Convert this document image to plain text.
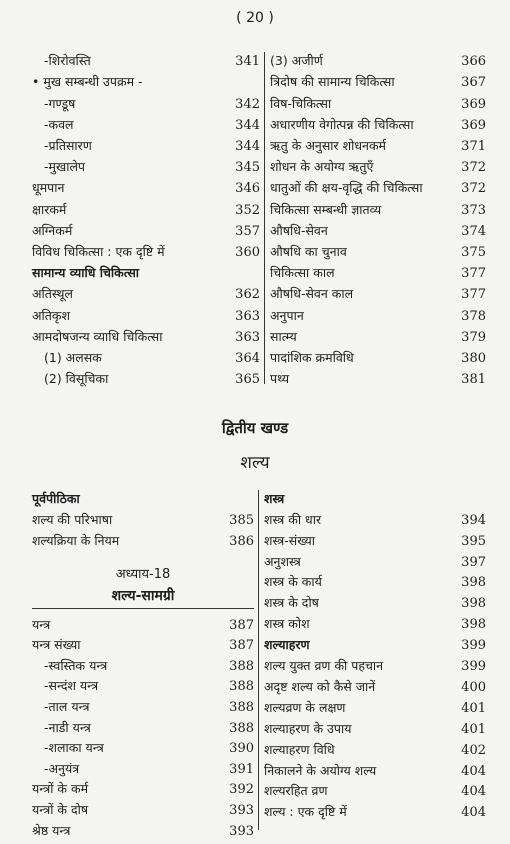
( 20 )
-शिरोवस्ति	341
• मुख सम्बन्धी उपक्रम -
-गण्डूष	342
-कवल	344
-प्रतिसारण	344
-मुखालेप	345
धूमपान	346
क्षारकर्म	352
अग्निकर्म	357
विविध चिकित्सा : एक दृष्टि में	360
सामान्य व्याधि चिकित्सा
अतिस्थूल	362
अतिकृश	363
आमदोषजन्य व्याधि चिकित्सा	363
(1) अलसक	364
(2) विसूचिका	365
(3) अजीर्ण	366
त्रिदोष की सामान्य चिकित्सा	367
विष-चिकित्सा	369
अधारणीय वेगोत्पन्न की चिकित्सा	369
ऋतु के अनुसार शोधनकर्म	371
शोधन के अयोग्य ऋतुएँ	372
धातुओं की क्षय-वृद्धि की चिकित्सा	372
चिकित्सा सम्बन्धी ज्ञातव्य	373
औषधि-सेवन	374
औषधि का चुनाव	375
चिकित्सा काल	377
औषधि-सेवन काल	377
अनुपान	378
सात्म्य	379
पादांशिक क्रमविधि	380
पथ्य	381
द्वितीय खण्ड
शल्य
पूर्वपीठिका
शल्य की परिभाषा	385
शल्यक्रिया के नियम	386
अध्याय-18
शल्य-सामग्री
यन्त्र	387
यन्त्र संख्या	387
-स्वस्तिक यन्त्र	388
-सन्दंश यन्त्र	388
-ताल यन्त्र	388
-नाडी यन्त्र	388
-शलाका यन्त्र	390
-अनुयंत्र	391
यन्त्रों के कर्म	392
यन्त्रों के दोष	393
श्रेष्ठ यन्त्र	393
शस्त्र
शस्त्र की धार	394
शस्त्र-संख्या	395
अनुशस्त्र	397
शस्त्र के कार्य	398
शस्त्र के दोष	398
शस्त्र कोश	398
शल्याहरण	399
शल्य युक्त व्रण की पहचान	399
अदृष्ट शल्य को कैसे जानें	400
शल्यव्रण के लक्षण	401
शल्याहरण के उपाय	401
शल्याहरण विधि	402
निकालने के अयोग्य शल्य	404
शल्यरहित व्रण	404
शल्य : एक दृष्टि में	404
